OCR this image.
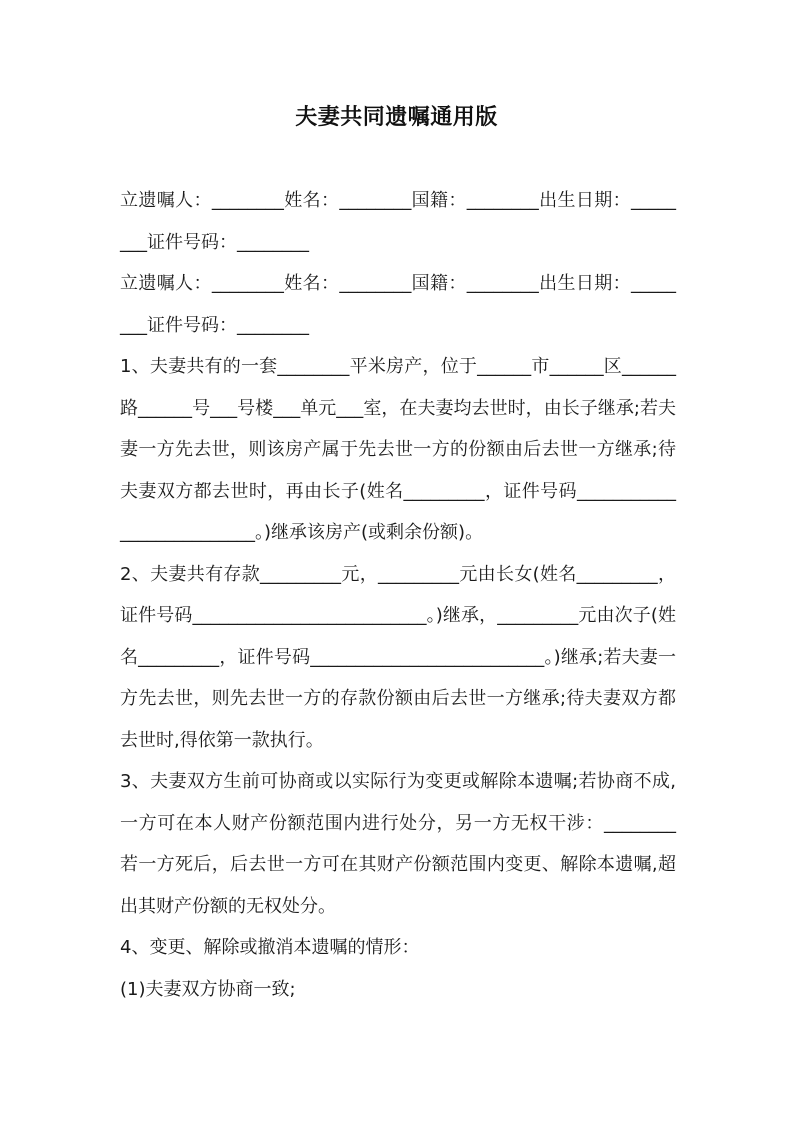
夫妻共同遗嘱通用版

立遗嘱人：________姓名：________国籍：________出生日期：________证件号码：________

立遗嘱人：________姓名：________国籍：________出生日期：________证件号码：________

1、夫妻共有的一套________平米房产，位于______市______区______路______号___号楼___单元___室，在夫妻均去世时，由长子继承;若夫妻一方先去世，则该房产属于先去世一方的份额由后去世一方继承;待夫妻双方都去世时，再由长子(姓名_________，证件号码__________________________。)继承该房产(或剩余份额)。

2、夫妻共有存款_________元，_________元由长女(姓名_________，证件号码__________________________。)继承，_________元由次子(姓名_________，证件号码__________________________。)继承;若夫妻一方先去世，则先去世一方的存款份额由后去世一方继承;待夫妻双方都去世时,得依第一款执行。

3、夫妻双方生前可协商或以实际行为变更或解除本遗嘱;若协商不成,一方可在本人财产份额范围内进行处分，另一方无权干涉：________若一方死后，后去世一方可在其财产份额范围内变更、解除本遗嘱,超出其财产份额的无权处分。

4、变更、解除或撤消本遗嘱的情形：

(1)夫妻双方协商一致;
